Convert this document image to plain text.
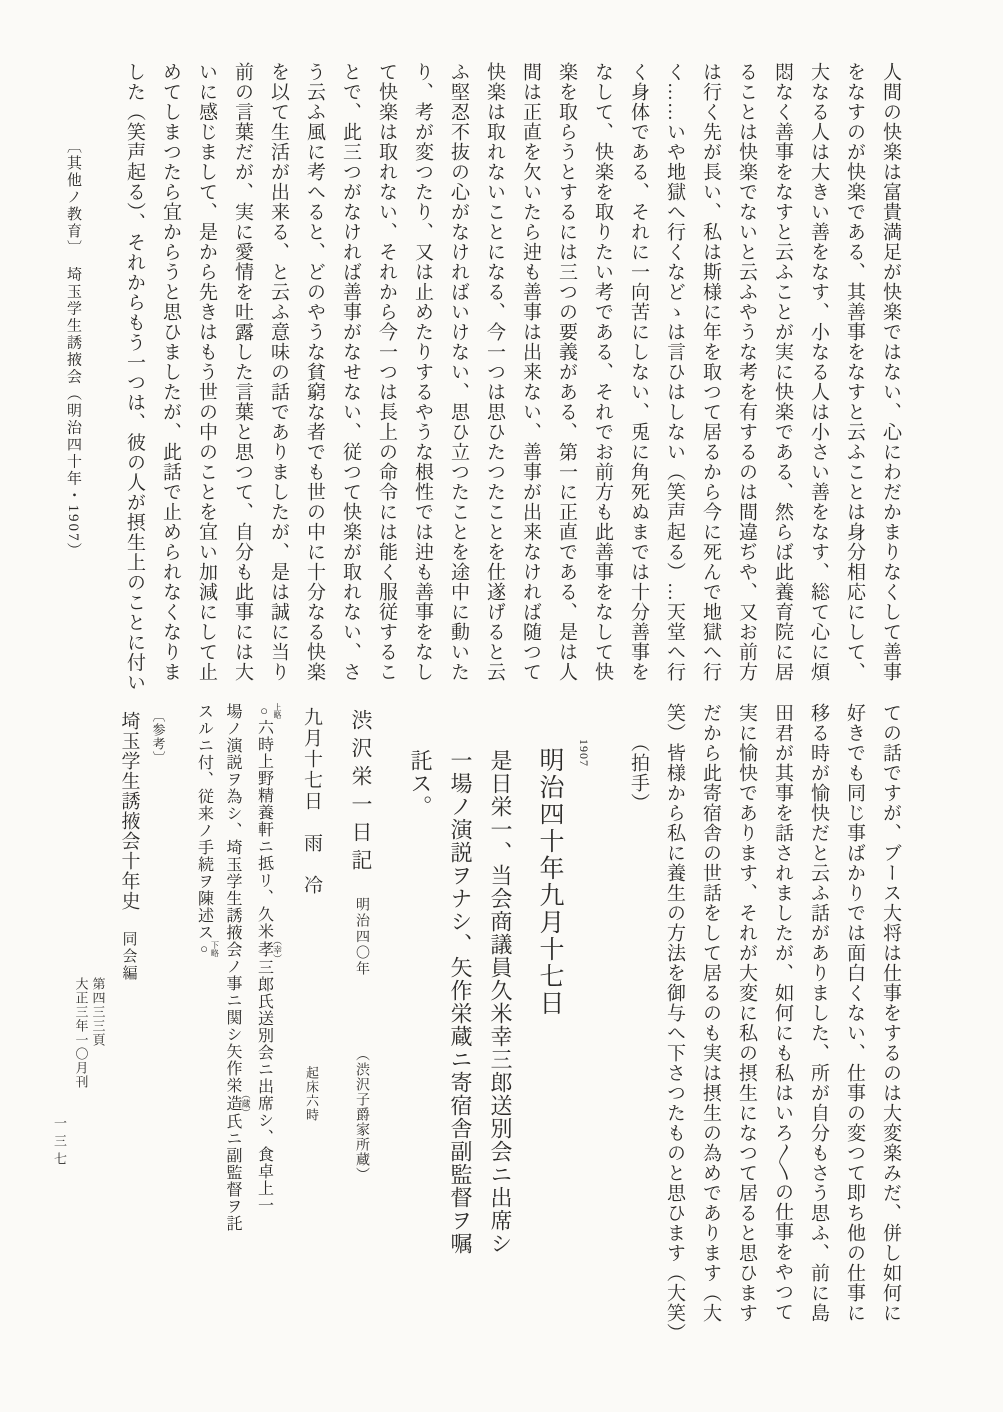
人間の快楽は富貴満足が快楽ではない、心にわだかまりなくして善事

をなすのが快楽である、其善事をなすと云ふことは身分相応にして、

大なる人は大きい善をなす、小なる人は小さい善をなす、総て心に煩

悶なく善事をなすと云ふことが実に快楽である、然らば此養育院に居

ることは快楽でないと云ふやうな考を有するのは間違ぢや、又お前方

は行く先が長い、私は斯様に年を取つて居るから今に死んで地獄へ行

く……いや地獄へ行くなどゝは言ひはしない（笑声起る）…天堂へ行

く身体である、それに一向苦にしない、兎に角死ぬまでは十分善事を

なして、快楽を取りたい考である、それでお前方も此善事をなして快

楽を取らうとするには三つの要義がある、第一に正直である、是は人

間は正直を欠いたら迚も善事は出来ない、善事が出来なければ随つて

快楽は取れないことになる、今一つは思ひたつたことを仕遂げると云

ふ堅忍不抜の心がなければいけない、思ひ立つたことを途中に動いた

り、考が変つたり、又は止めたりするやうな根性では迚も善事をなし

て快楽は取れない、それから今一つは長上の命令には能く服従するこ

とで、此三つがなければ善事がなせない、従つて快楽が取れない、さ

う云ふ風に考へると、どのやうな貧窮な者でも世の中に十分なる快楽

を以て生活が出来る、と云ふ意味の話でありましたが、是は誠に当り

前の言葉だが、実に愛情を吐露した言葉と思つて、自分も此事には大

いに感じまして、是から先きはもう世の中のことを宜い加減にして止

めてしまつたら宜からうと思ひましたが、此話で止められなくなりま

した（笑声起る）、それからもう一つは、彼の人が摂生上のことに付い

〔其他ノ教育〕　埼玉学生誘掖会（明治四十年・1907）

ての話ですが、ブース大将は仕事をするのは大変楽みだ、併し如何に

好きでも同じ事ばかりでは面白くない、仕事の変つて即ち他の仕事に

移る時が愉快だと云ふ話がありました、所が自分もさう思ふ、前に島

田君が其事を話されましたが、如何にも私はいろ〱の仕事をやつて

実に愉快であります、それが大変に私の摂生になつて居ると思ひます

だから此寄宿舎の世話をして居るのも実は摂生の為めであります（大

笑）皆様から私に養生の方法を御与へ下さつたものと思ひます（大笑）

（拍手）

1907

明治四十年九月十七日

是日栄一、当会商議員久米幸三郎送別会ニ出席シ

一場ノ演説ヲナシ、矢作栄蔵ニ寄宿舎副監督ヲ嘱

託ス。

渋沢栄一日記 明治四〇年 （渋沢子爵家所蔵）

九月十七日　雨　冷 起床六時

○ 上略六時上野精養軒ニ抵リ、久米孝 （幸）三郎氏送別会ニ出席シ、食卓上一

場ノ演説ヲ為シ、埼玉学生誘掖会ノ事ニ関シ矢作栄造 （蔵）氏ニ副監督ヲ託

スルニ付、従来ノ手続ヲ陳述ス○ 下略

〔参考〕

埼玉学生誘掖会十年史 同会編

第四三三頁

大正三年一〇月刊

一三七
